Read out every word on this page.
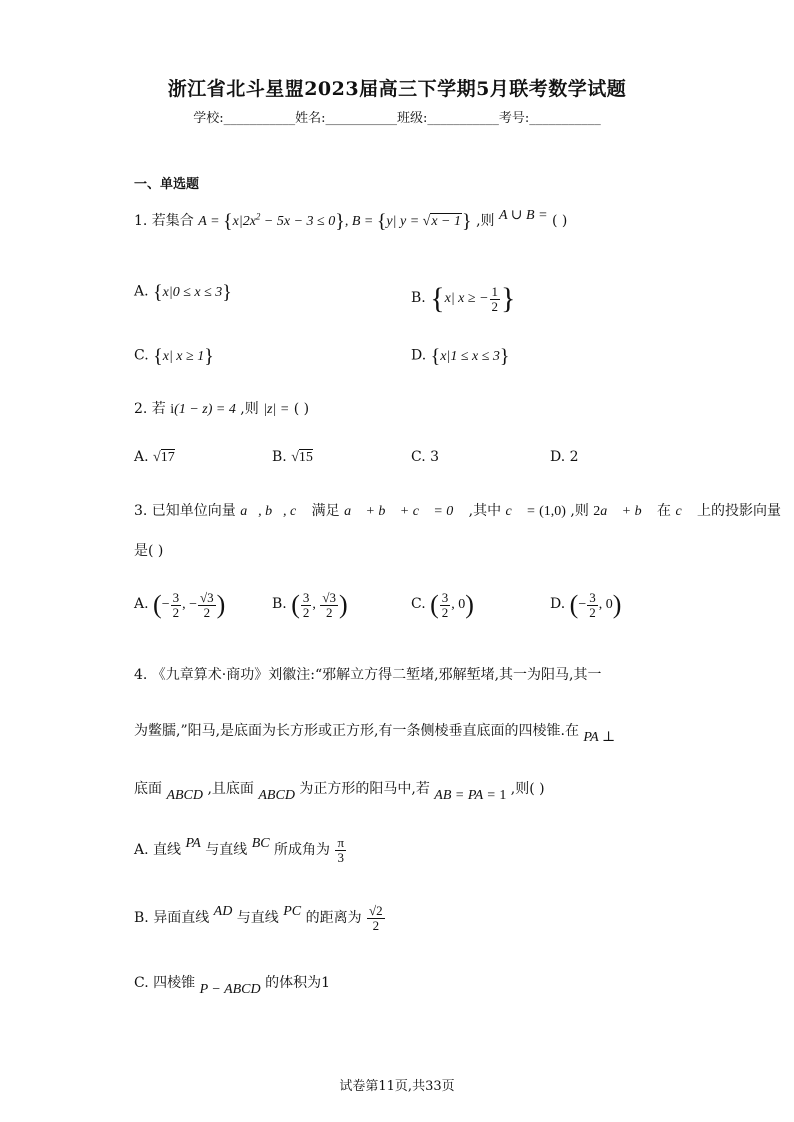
浙江省北斗星盟2023届高三下学期5月联考数学试题
学校:___________姓名:___________班级:___________考号:___________
一、单选题
1. 若集合 $A = \{x|2x^2 - 5x - 3 \le 0\}$, B = {y| y = √x − 1} ,则 A ∪ B = ( )
A. {x|0 ≤ x ≤ 3}	B. {x| x ≥ − $\frac{1}{2}$ }
C. {x| x ≥ 1}	D. {x|1 ≤ x ≤ 3}
2. 若 i(1 − z) = 4 ,则 |z| = ( )
A. √17	B. √15	C. 3	D. 2
3. 已知单位向量 a⃗, b⃗, c⃗ 满足 a⃗ + b⃗ + c⃗ = 0⃗ ,其中 c⃗ = (1,0) ,则 2a⃗ + b⃗ 在 c⃗ 上的投影向量
是( )
A. (− $\frac{3}{2}$ , − $\frac{√3}{2}$ )	B. ( $\frac{3}{2}$ , $\frac{√3}{2}$ )	C. ( $\frac{3}{2}$ , 0)	D. (− $\frac{3}{2}$ , 0)
4. 《九章算术·商功》刘徽注:“邪解立方得二堑堵,邪解堑堵,其一为阳马,其一
为鳖臑,”阳马,是底面为长方形或正方形,有一条侧棱垂直底面的四棱锥.在 PA ⊥
底面 ABCD ,且底面 ABCD 为正方形的阳马中,若 AB = PA = 1 ,则( )
A. 直线 PA 与直线 BC 所成角为 $\frac{\pi}{3}$
B. 异面直线 AD 与直线 PC 的距离为 $\frac{√2}{2}$
C. 四棱锥 P − ABCD 的体积为1
试卷第11页,共33页
